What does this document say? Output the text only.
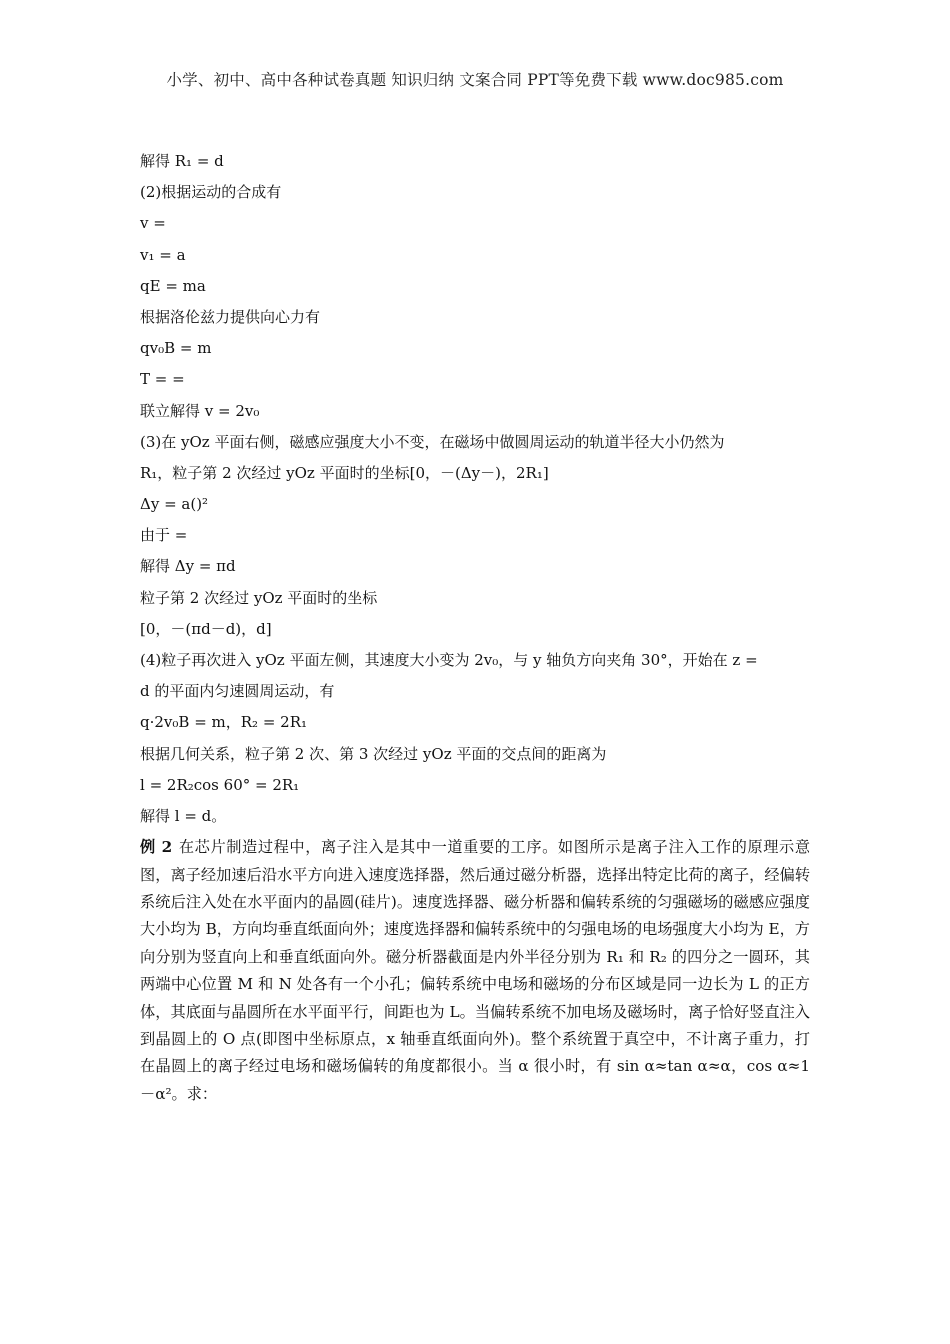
小学、初中、高中各种试卷真题 知识归纳 文案合同 PPT等免费下载 www.doc985.com
解得 R₁ = d
(2)根据运动的合成有
v =
v₁ = a
qE = ma
根据洛伦兹力提供向心力有
qv₀B = m
T = =
联立解得 v = 2v₀
(3)在 yOz 平面右侧，磁感应强度大小不变，在磁场中做圆周运动的轨道半径大小仍然为
R₁，粒子第 2 次经过 yOz 平面时的坐标[0，－(Δy－)，2R₁]
Δy = a()²
由于 =
解得 Δy = πd
粒子第 2 次经过 yOz 平面时的坐标
[0，－(πd－d)，d]
(4)粒子再次进入 yOz 平面左侧，其速度大小变为 2v₀，与 y 轴负方向夹角 30°，开始在 z =
d 的平面内匀速圆周运动，有
q·2v₀B = m，R₂ = 2R₁
根据几何关系，粒子第 2 次、第 3 次经过 yOz 平面的交点间的距离为
l = 2R₂cos 60° = 2R₁
解得 l = d。
例 2 在芯片制造过程中，离子注入是其中一道重要的工序。如图所示是离子注入工作的原理示意图，离子经加速后沿水平方向进入速度选择器，然后通过磁分析器，选择出特定比荷的离子，经偏转系统后注入处在水平面内的晶圆(硅片)。速度选择器、磁分析器和偏转系统的匀强磁场的磁感应强度大小均为 B，方向均垂直纸面向外；速度选择器和偏转系统中的匀强电场的电场强度大小均为 E，方向分别为竖直向上和垂直纸面向外。磁分析器截面是内外半径分别为 R₁ 和 R₂ 的四分之一圆环，其两端中心位置 M 和 N 处各有一个小孔；偏转系统中电场和磁场的分布区域是同一边长为 L 的正方体，其底面与晶圆所在水平面平行，间距也为 L。当偏转系统不加电场及磁场时，离子恰好竖直注入到晶圆上的 O 点(即图中坐标原点，x 轴垂直纸面向外)。整个系统置于真空中，不计离子重力，打在晶圆上的离子经过电场和磁场偏转的角度都很小。当 α 很小时，有 sin α≈tan α≈α，cos α≈1－α²。求：
